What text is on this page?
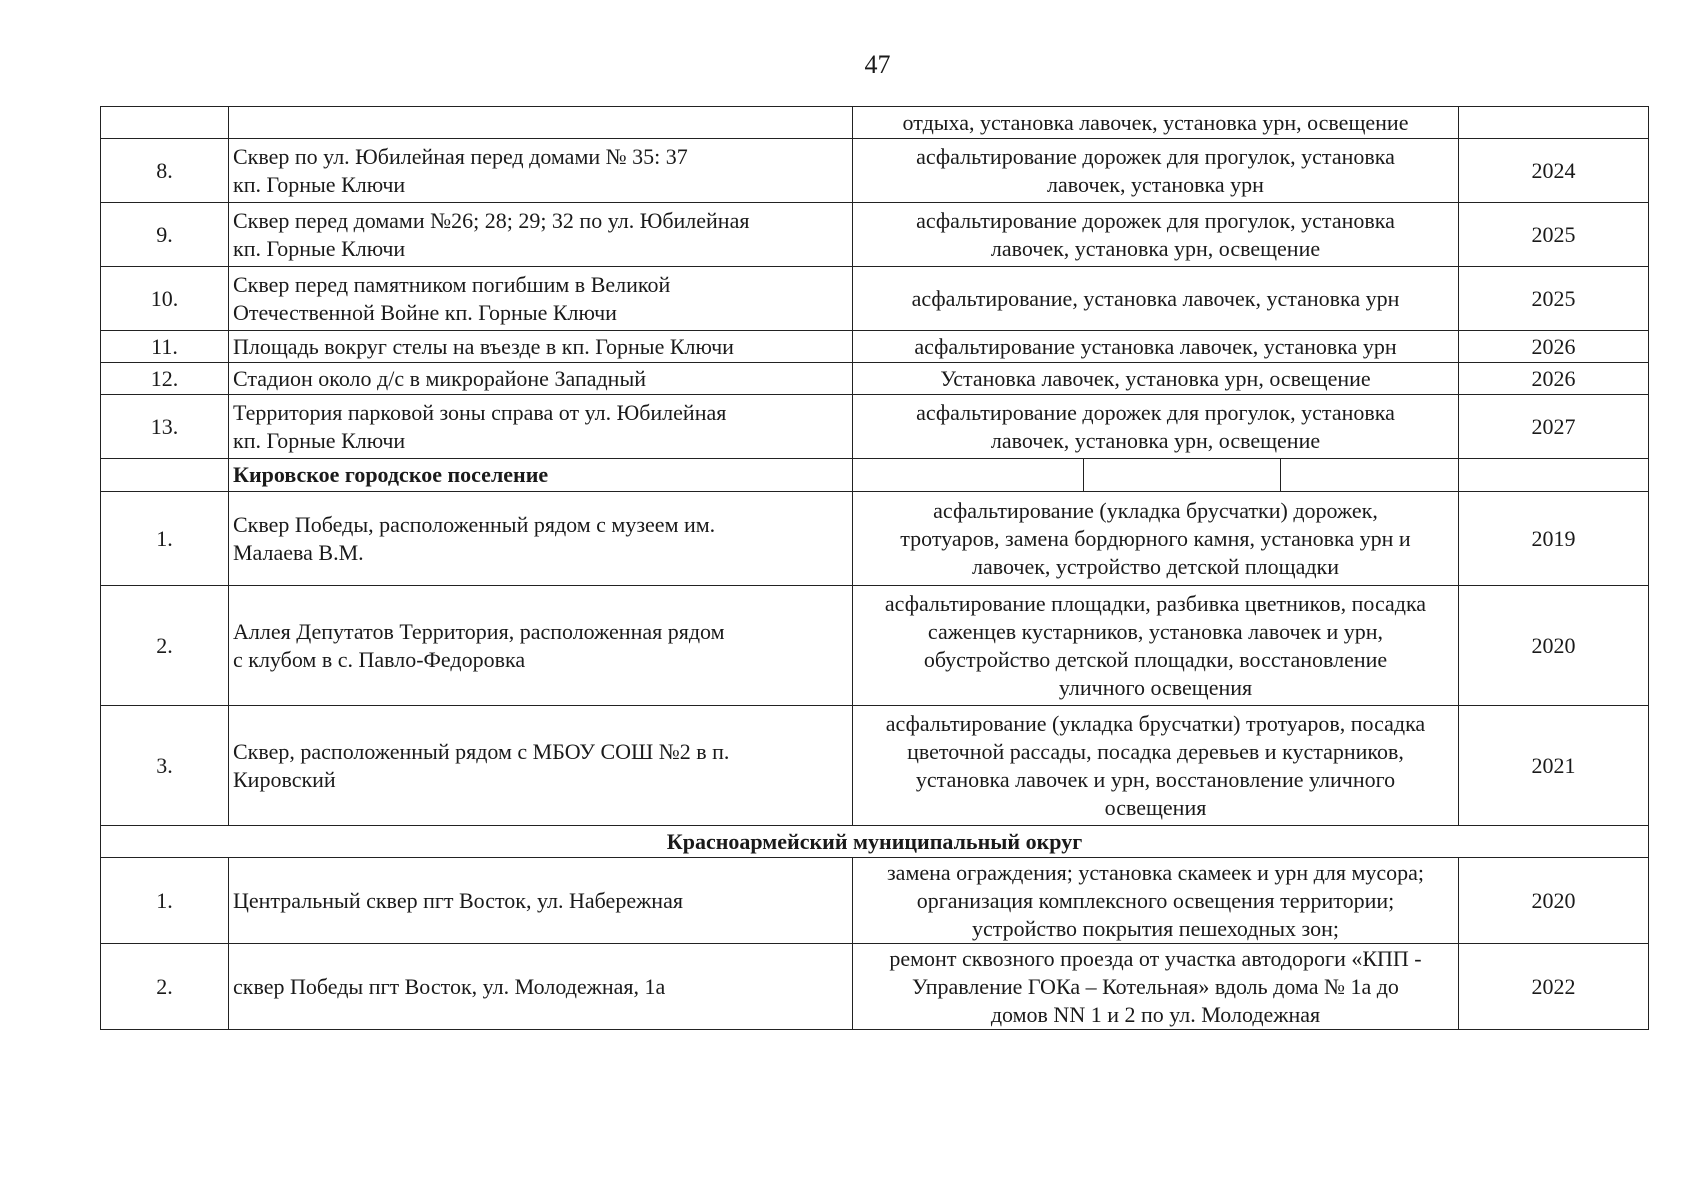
47
		отдыха, установка лавочек, установка урн, освещение	
8.	Сквер по ул. Юбилейная перед домами № 35: 37
кп. Горные Ключи	асфальтирование дорожек для прогулок, установка
лавочек, установка урн	2024
9.	Сквер перед домами №26; 28; 29; 32 по ул. Юбилейная
кп. Горные Ключи	асфальтирование дорожек для прогулок, установка
лавочек, установка урн, освещение	2025
10.	Сквер перед памятником погибшим в Великой
Отечественной Войне кп. Горные Ключи	асфальтирование, установка лавочек, установка урн	2025
11.	Площадь вокруг стелы на въезде в кп. Горные Ключи	асфальтирование установка лавочек, установка урн	2026
12.	Стадион около д/с в микрорайоне Западный	Установка лавочек, установка урн, освещение	2026
13.	Территория парковой зоны справа от ул. Юбилейная
кп. Горные Ключи	асфальтирование дорожек для прогулок, установка
лавочек, установка урн, освещение	2027
	Кировское городское поселение	

1.	Сквер Победы, расположенный рядом с музеем им.
Малаева В.М.	асфальтирование (укладка брусчатки) дорожек,
тротуаров, замена бордюрного камня, установка урн и
лавочек, устройство детской площадки	2019
2.	Аллея Депутатов Территория, расположенная рядом
с клубом в с. Павло-Федоровка	асфальтирование площадки, разбивка цветников, посадка
саженцев кустарников, установка лавочек и урн,
обустройство детской площадки, восстановление
уличного освещения	2020
3.	Сквер, расположенный рядом с МБОУ СОШ №2 в п.
Кировский	асфальтирование (укладка брусчатки) тротуаров, посадка
цветочной рассады, посадка деревьев и кустарников,
установка лавочек и урн, восстановление уличного
освещения	2021
Красноармейский муниципальный округ			
1.	Центральный сквер пгт Восток, ул. Набережная	замена ограждения; установка скамеек и урн для мусора;
организация комплексного освещения территории;
устройство покрытия пешеходных зон;	2020
2.	сквер Победы пгт Восток, ул. Молодежная, 1а	ремонт сквозного проезда от участка автодороги «КПП -
Управление ГОКа – Котельная» вдоль дома № 1а до
домов NN 1 и 2 по ул. Молодежная	2022
